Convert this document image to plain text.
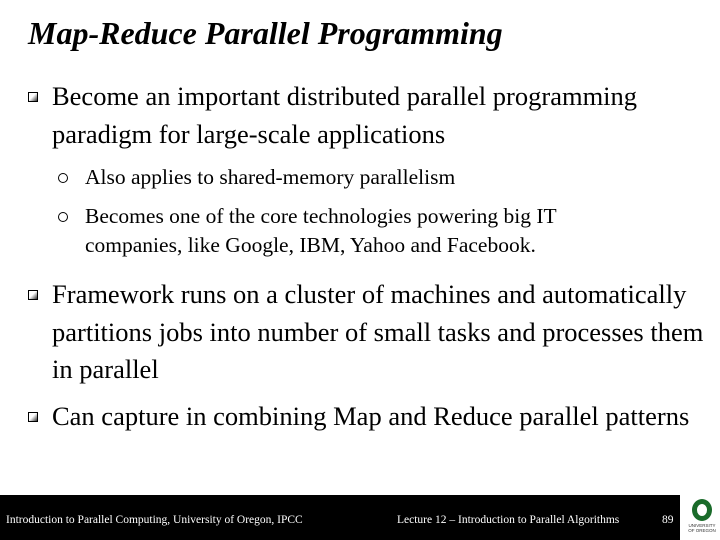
Map-Reduce Parallel Programming
Become an important distributed parallel programming paradigm for large-scale applications
Also applies to shared-memory parallelism
Becomes one of the core technologies powering big IT
companies, like Google, IBM, Yahoo and Facebook.
Framework runs on a cluster of machines and automatically partitions jobs into number of small tasks and processes them in parallel
Can capture in combining Map and Reduce parallel patterns
Introduction to Parallel Computing, University of Oregon, IPCC	Lecture 12 – Introduction to Parallel Algorithms	89	UNIVERSITY
OF OREGON
